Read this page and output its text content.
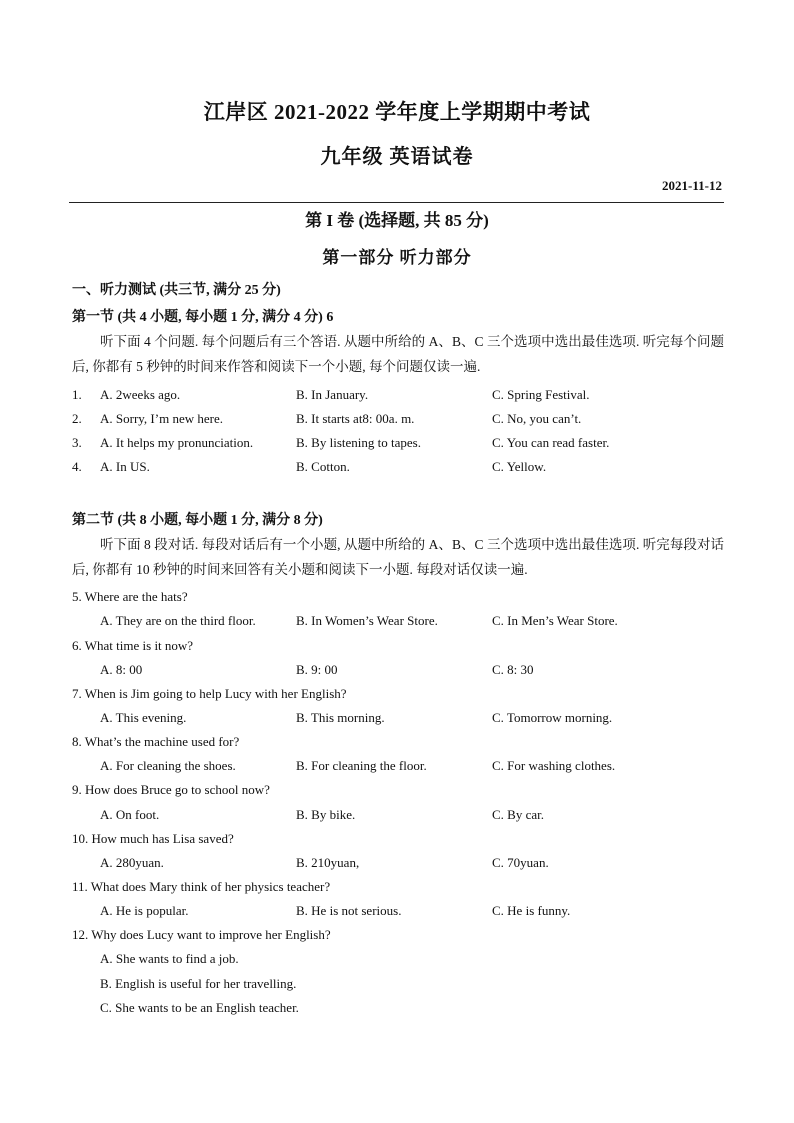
江岸区 2021-2022 学年度上学期期中考试
九年级 英语试卷
2021-11-12
第 I 卷 (选择题, 共 85 分)
第一部分 听力部分
一、听力测试 (共三节, 满分 25 分)
第一节 (共 4 小题, 每小题 1 分, 满分 4 分) 6
听下面 4 个问题. 每个问题后有三个答语. 从题中所给的 A、B、C 三个选项中选出最佳选项. 听完每个问题后, 你都有 5 秒钟的时间来作答和阅读下一个小题, 每个问题仅读一遍.
1. A. 2weeks ago.	B. In January.	C. Spring Festival.
2. A. Sorry, I’m new here.	B. It starts at8: 00a. m.	C. No, you can’t.
3. A. It helps my pronunciation.	B. By listening to tapes.	C. You can read faster.
4. A. In US.	B. Cotton.	C. Yellow.
第二节 (共 8 小题, 每小题 1 分, 满分 8 分)
听下面 8 段对话. 每段对话后有一个小题, 从题中所给的 A、B、C 三个选项中选出最佳选项. 听完每段对话后, 你都有 10 秒钟的时间来回答有关小题和阅读下一小题. 每段对话仅读一遍.
5. Where are the hats?
A. They are on the third floor.	B. In Women’s Wear Store.	C. In Men’s Wear Store.
6. What time is it now?
A. 8: 00	B. 9: 00	C. 8: 30
7. When is Jim going to help Lucy with her English?
A. This evening.	B. This morning.	C. Tomorrow morning.
8. What’s the machine used for?
A. For cleaning the shoes.	B. For cleaning the floor.	C. For washing clothes.
9. How does Bruce go to school now?
A. On foot.	B. By bike.	C. By car.
10. How much has Lisa saved?
A. 280yuan.	B. 210yuan,	C. 70yuan.
11. What does Mary think of her physics teacher?
A. He is popular.	B. He is not serious.	C. He is funny.
12. Why does Lucy want to improve her English?
A. She wants to find a job.
B. English is useful for her travelling.
C. She wants to be an English teacher.
